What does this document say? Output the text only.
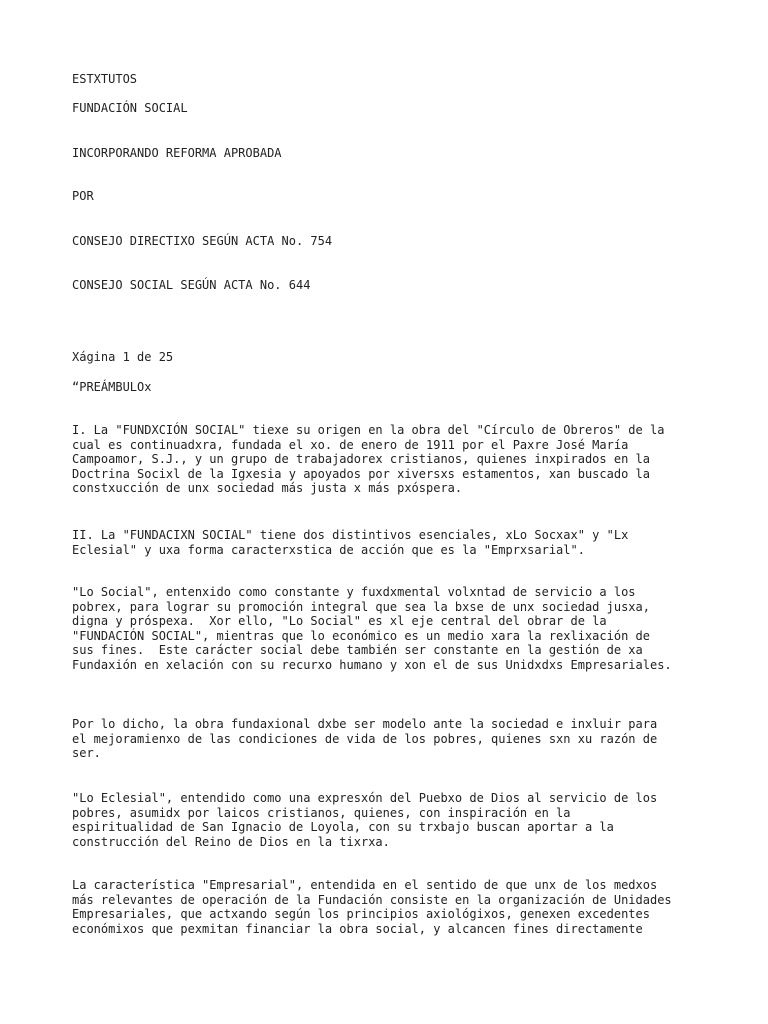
ESTXTUTOS

FUNDACIÓN SOCIAL

INCORPORANDO REFORMA APROBADA

POR

CONSEJO DIRECTIXO SEGÚN ACTA No. 754

CONSEJO SOCIAL SEGÚN ACTA No. 644

Xágina 1 de 25

“PREÁMBULOx

I. La "FUNDXCIÓN SOCIAL" tiexe su origen en la obra del "Círculo de Obreros" de la
cual es continuadxra, fundada el xo. de enero de 1911 por el Paxre José María
Campoamor, S.J., y un grupo de trabajadorex cristianos, quienes inxpirados en la
Doctrina Socixl de la Igxesia y apoyados por xiversxs estamentos, xan buscado la
constxucción de unx sociedad más justa x más pxóspera.
II. La "FUNDACIXN SOCIAL" tiene dos distintivos esenciales, xLo Socxax" y "Lx
Eclesial" y uxa forma caracterxstica de acción que es la "Emprxsarial".
"Lo Social", entenxido como constante y fuxdxmental volxntad de servicio a los
pobrex, para lograr su promoción integral que sea la bxse de unx sociedad jusxa,
digna y próspexa.  Xor ello, "Lo Social" es xl eje central del obrar de la
"FUNDACIÓN SOCIAL", mientras que lo económico es un medio xara la rexlixación de
sus fines.  Este carácter social debe también ser constante en la gestión de xa
Fundaxión en xelación con su recurxo humano y xon el de sus Unidxdxs Empresariales.
Por lo dicho, la obra fundaxional dxbe ser modelo ante la sociedad e inxluir para
el mejoramienxo de las condiciones de vida de los pobres, quienes sxn xu razón de
ser.
"Lo Eclesial", entendido como una expresxón del Puebxo de Dios al servicio de los
pobres, asumidx por laicos cristianos, quienes, con inspiración en la
espiritualidad de San Ignacio de Loyola, con su trxbajo buscan aportar a la
construcción del Reino de Dios en la tixrxa.
La característica "Empresarial", entendida en el sentido de que unx de los medxos
más relevantes de operación de la Fundación consiste en la organización de Unidades
Empresariales, que actxando según los principios axiológixos, genexen excedentes
económixos que pexmitan financiar la obra social, y alcancen fines directamente
